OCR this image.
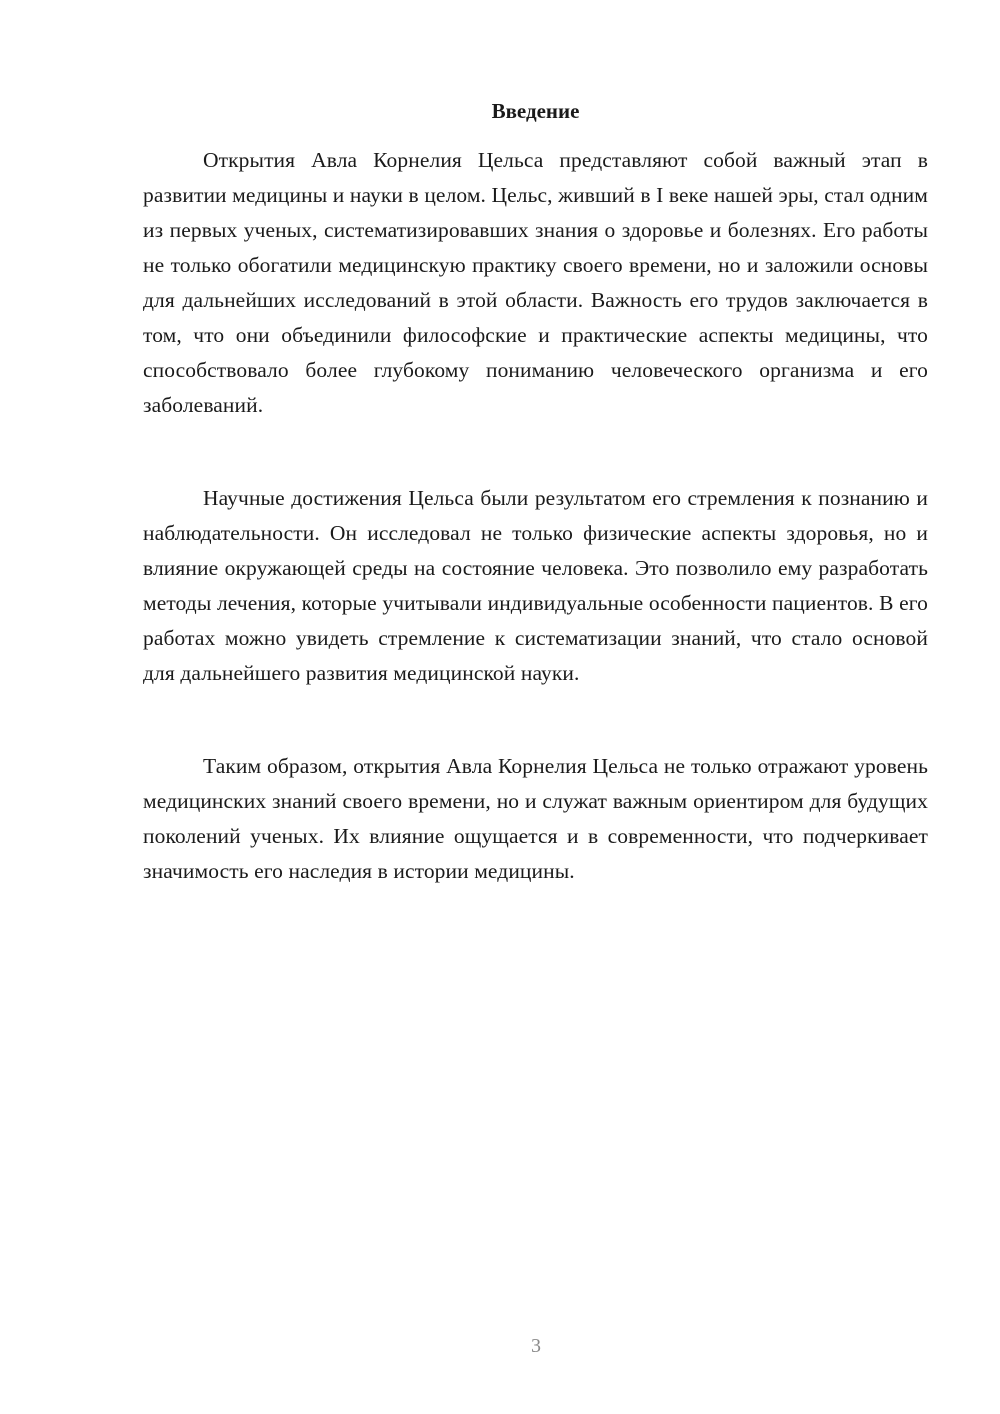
Введение

Открытия Авла Корнелия Цельса представляют собой важный этап в развитии медицины и науки в целом. Цельс, живший в I веке нашей эры, стал одним из первых ученых, систематизировавших знания о здоровье и болезнях. Его работы не только обогатили медицинскую практику своего времени, но и заложили основы для дальнейших исследований в этой области. Важность его трудов заключается в том, что они объединили философские и практические аспекты медицины, что способствовало более глубокому пониманию человеческого организма и его заболеваний.

Научные достижения Цельса были результатом его стремления к познанию и наблюдательности. Он исследовал не только физические аспекты здоровья, но и влияние окружающей среды на состояние человека. Это позволило ему разработать методы лечения, которые учитывали индивидуальные особенности пациентов. В его работах можно увидеть стремление к систематизации знаний, что стало основой для дальнейшего развития медицинской науки.

Таким образом, открытия Авла Корнелия Цельса не только отражают уровень медицинских знаний своего времени, но и служат важным ориентиром для будущих поколений ученых. Их влияние ощущается и в современности, что подчеркивает значимость его наследия в истории медицины.

3
